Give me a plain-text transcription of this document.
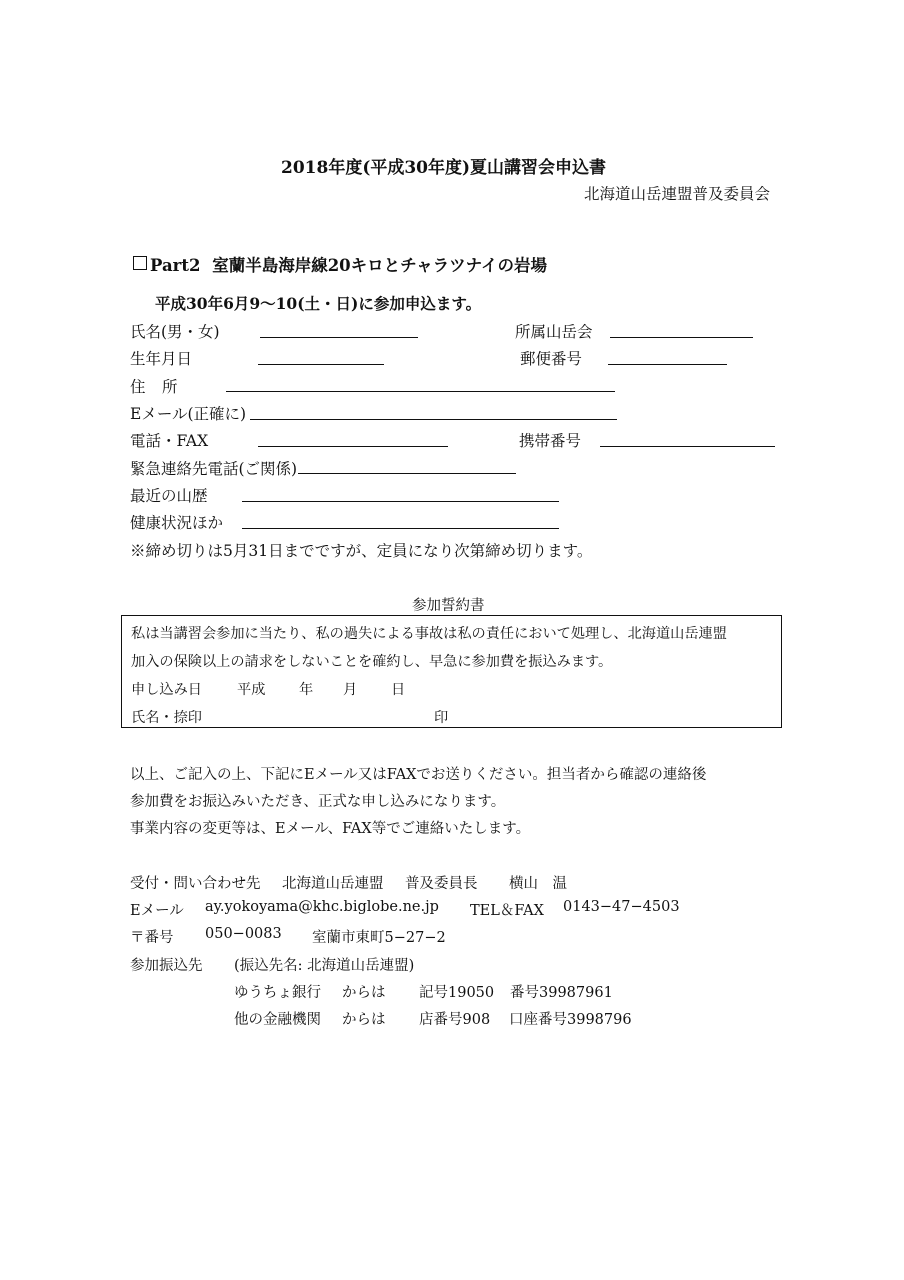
2018年度(平成30年度)夏山講習会申込書
北海道山岳連盟普及委員会
Part2 室蘭半島海岸線20キロとチャラツナイの岩場
平成30年6月9〜10(土・日)に参加申込ます。
氏名(男・女)	所属山岳会
生年月日	郵便番号
住 所
Eメール(正確に)
電話・FAX	携帯番号
緊急連絡先電話(ご関係)
最近の山歴
健康状況ほか
※締め切りは5月31日までですが、定員になり次第締め切ります。
参加誓約書
私は当講習会参加に当たり、私の過失による事故は私の責任において処理し、北海道山岳連盟
加入の保険以上の請求をしないことを確約し、早急に参加費を振込みます。
申し込み日 平成 年 月 日
氏名・捺印	印
以上、ご記入の上、下記にEメール又はFAXでお送りください。担当者から確認の連絡後
参加費をお振込みいただき、正式な申し込みになります。
事業内容の変更等は、Eメール、FAX等でご連絡いたします。
受付・問い合わせ先 北海道山岳連盟 普及委員長 横山　温
Eメール ay.yokoyama@khc.biglobe.ne.jp TEL＆FAX 0143−47−4503
〒番号 050−0083 室蘭市東町5−27−2
参加振込先 (振込先名: 北海道山岳連盟)
ゆうちょ銀行 からは 記号19050 番号39987961
他の金融機関 からは 店番号908 口座番号3998796
